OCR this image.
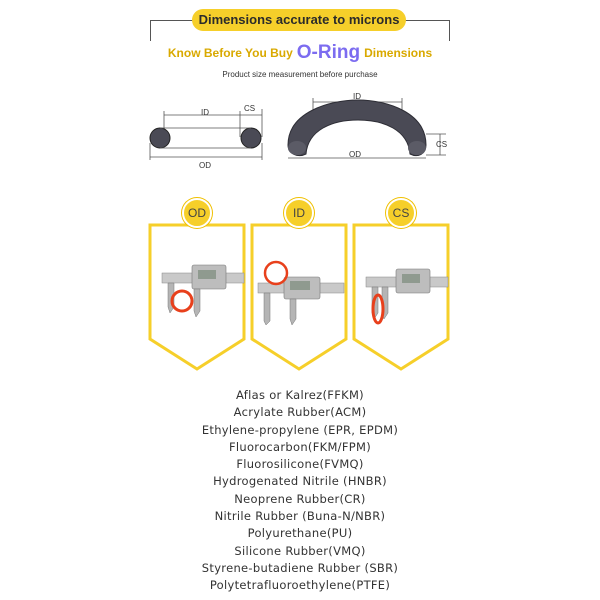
Dimensions accurate to microns
Know Before You Buy O-Ring Dimensions
Product size measurement before purchase
ID	CS
OD
ID
OD
CS
OD	ID	CS
Aflas or Kalrez(FFKM)
Acrylate Rubber(ACM)
Ethylene-propylene (EPR, EPDM)
Fluorocarbon(FKM/FPM)
Fluorosilicone(FVMQ)
Hydrogenated Nitrile (HNBR)
Neoprene Rubber(CR)
Nitrile Rubber (Buna-N/NBR)
Polyurethane(PU)
Silicone Rubber(VMQ)
Styrene-butadiene Rubber (SBR)
Polytetrafluoroethylene(PTFE)
